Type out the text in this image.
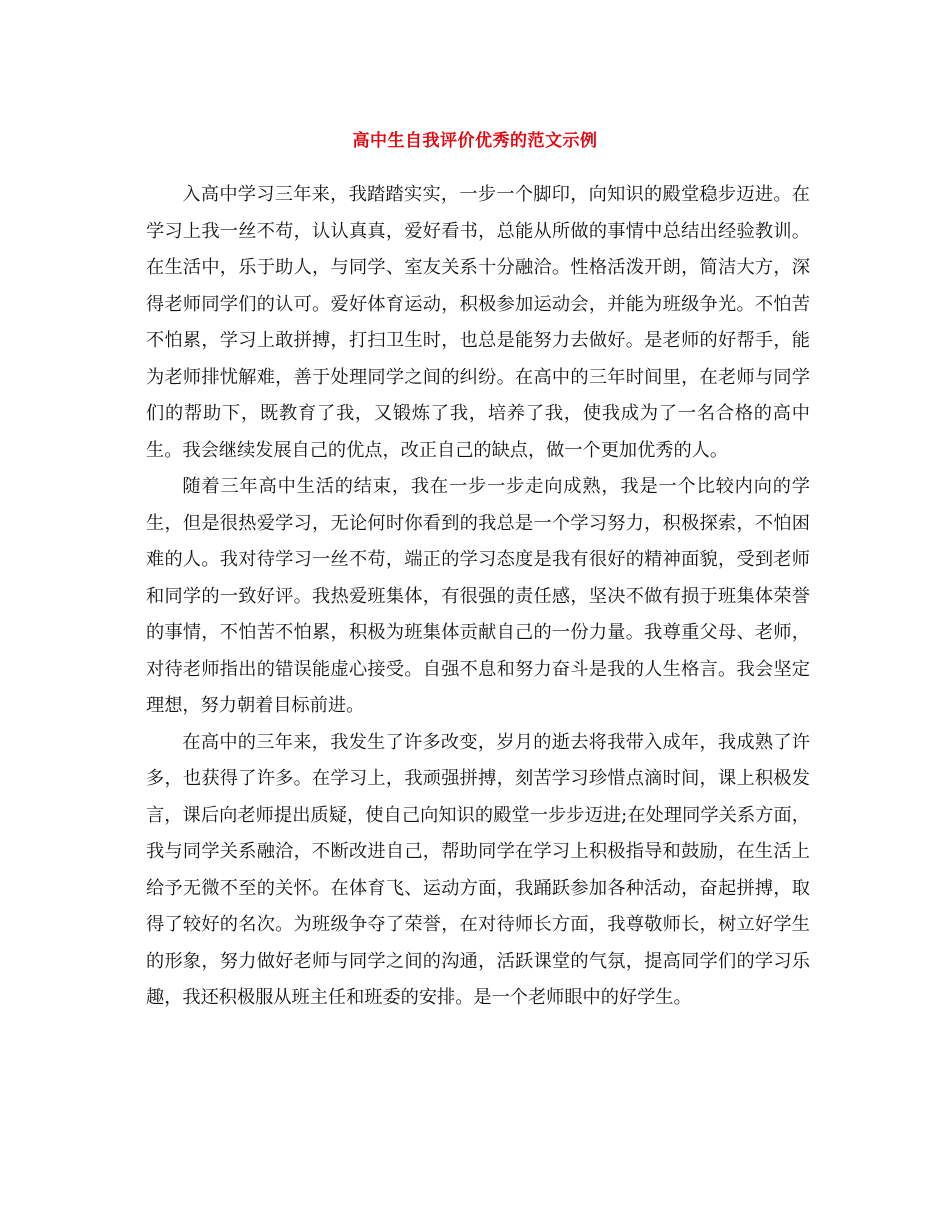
高中生自我评价优秀的范文示例

入高中学习三年来，我踏踏实实，一步一个脚印，向知识的殿堂稳步迈进。在学习上我一丝不苟，认认真真，爱好看书，总能从所做的事情中总结出经验教训。在生活中，乐于助人，与同学、室友关系十分融洽。性格活泼开朗，简洁大方，深得老师同学们的认可。爱好体育运动，积极参加运动会，并能为班级争光。不怕苦不怕累，学习上敢拼搏，打扫卫生时，也总是能努力去做好。是老师的好帮手，能为老师排忧解难，善于处理同学之间的纠纷。在高中的三年时间里，在老师与同学们的帮助下，既教育了我，又锻炼了我，培养了我，使我成为了一名合格的高中生。我会继续发展自己的优点，改正自己的缺点，做一个更加优秀的人。

随着三年高中生活的结束，我在一步一步走向成熟，我是一个比较内向的学生，但是很热爱学习，无论何时你看到的我总是一个学习努力，积极探索，不怕困难的人。我对待学习一丝不苟，端正的学习态度是我有很好的精神面貌，受到老师和同学的一致好评。我热爱班集体，有很强的责任感，坚决不做有损于班集体荣誉的事情，不怕苦不怕累，积极为班集体贡献自己的一份力量。我尊重父母、老师，对待老师指出的错误能虚心接受。自强不息和努力奋斗是我的人生格言。我会坚定理想，努力朝着目标前进。

在高中的三年来，我发生了许多改变，岁月的逝去将我带入成年，我成熟了许多，也获得了许多。在学习上，我顽强拼搏，刻苦学习珍惜点滴时间，课上积极发言，课后向老师提出质疑，使自己向知识的殿堂一步步迈进;在处理同学关系方面，我与同学关系融洽，不断改进自己，帮助同学在学习上积极指导和鼓励，在生活上给予无微不至的关怀。在体育飞、运动方面，我踊跃参加各种活动，奋起拼搏，取得了较好的名次。为班级争夺了荣誉，在对待师长方面，我尊敬师长，树立好学生的形象，努力做好老师与同学之间的沟通，活跃课堂的气氛，提高同学们的学习乐趣，我还积极服从班主任和班委的安排。是一个老师眼中的好学生。
